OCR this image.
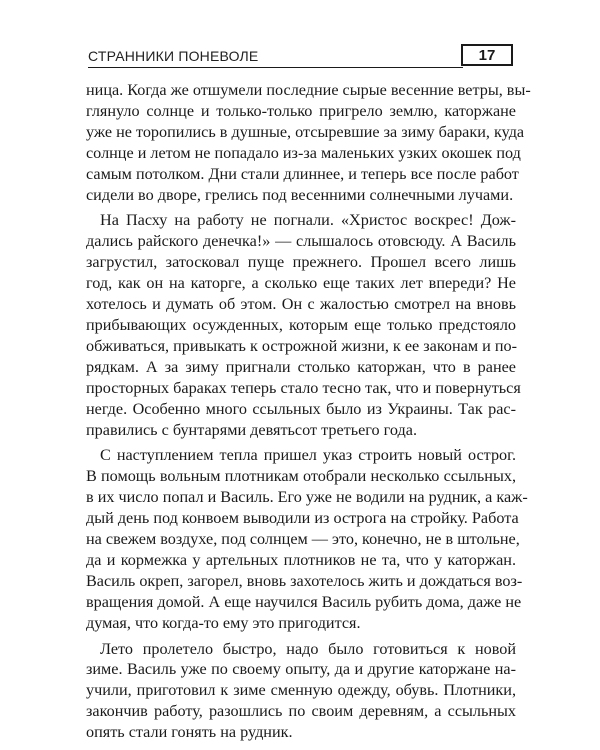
СТРАННИКИ ПОНЕВОЛЕ	17
ница. Когда же отшумели последние сырые весенние ветры, вы-
глянуло солнце и только-только пригрело землю, каторжане
уже не торопились в душные, отсыревшие за зиму бараки, куда
солнце и летом не попадало из-за маленьких узких окошек под
самым потолком. Дни стали длиннее, и теперь все после работ
сидели во дворе, грелись под весенними солнечными лучами.
На Пасху на работу не погнали. «Христос воскрес! Дож-
дались райского денечка!» — слышалось отовсюду. А Василь
загрустил, затосковал пуще прежнего. Прошел всего лишь
год, как он на каторге, а сколько еще таких лет впереди? Не
хотелось и думать об этом. Он с жалостью смотрел на вновь
прибывающих осужденных, которым еще только предстояло
обживаться, привыкать к острожной жизни, к ее законам и по-
рядкам. А за зиму пригнали столько каторжан, что в ранее
просторных бараках теперь стало тесно так, что и повернуться
негде. Особенно много ссыльных было из Украины. Так рас-
правились с бунтарями девятьсот третьего года.
С наступлением тепла пришел указ строить новый острог.
В помощь вольным плотникам отобрали несколько ссыльных,
в их число попал и Василь. Его уже не водили на рудник, а каж-
дый день под конвоем выводили из острога на стройку. Работа
на свежем воздухе, под солнцем — это, конечно, не в штольне,
да и кормежка у артельных плотников не та, что у каторжан.
Василь окреп, загорел, вновь захотелось жить и дождаться воз-
вращения домой. А еще научился Василь рубить дома, даже не
думая, что когда-то ему это пригодится.
Лето пролетело быстро, надо было готовиться к новой
зиме. Василь уже по своему опыту, да и другие каторжане на-
учили, приготовил к зиме сменную одежду, обувь. Плотники,
закончив работу, разошлись по своим деревням, а ссыльных
опять стали гонять на рудник.
